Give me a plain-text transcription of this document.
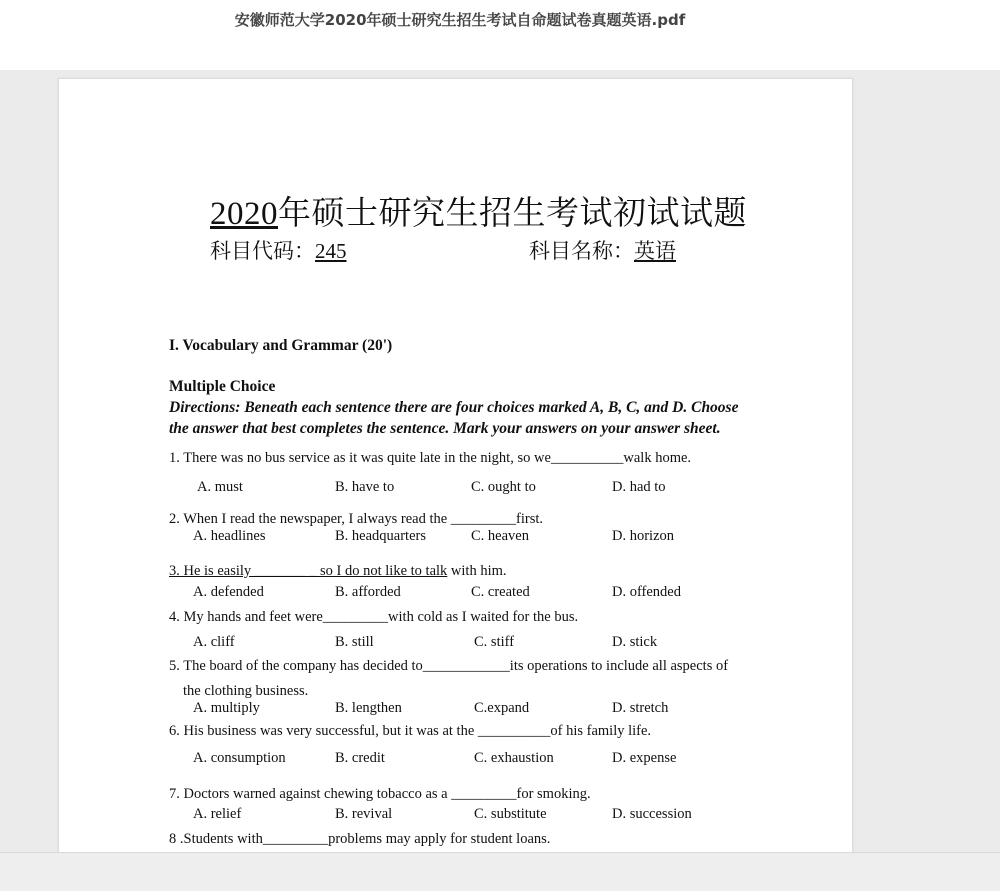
安徽师范大学2020年硕士研究生招生考试自命题试卷真题英语.pdf
2020年硕士研究生招生考试初试试题
科目代码：245	科目名称：英语
I. Vocabulary and Grammar (20')
Multiple Choice
Directions: Beneath each sentence there are four choices marked A, B, C, and D. Choose
the answer that best completes the sentence. Mark your answers on your answer sheet.
1. There was no bus service as it was quite late in the night, so we__________walk home.
A. must	B. have to	C. ought to	D. had to
2. When I read the newspaper, I always read the _________first.
A. headlines	B. headquarters	C. heaven	D. horizon
3. He is easily _______ _ so I do not like to talk with him.
A. defended	B. afforded	C. created	D. offended
4. My hands and feet were_________with cold as I waited for the bus.
A. cliff	B. still	C. stiff	D. stick
5. The board of the company has decided to____________its operations to include all aspects of
the clothing business.
A. multiply	B. lengthen	C.expand	D. stretch
6. His business was very successful, but it was at the __________of his family life.
A. consumption	B. credit	C. exhaustion	D. expense
7. Doctors warned against chewing tobacco as a _________for smoking.
A. relief	B. revival	C. substitute	D. succession
8 .Students with_________problems may apply for student loans.
